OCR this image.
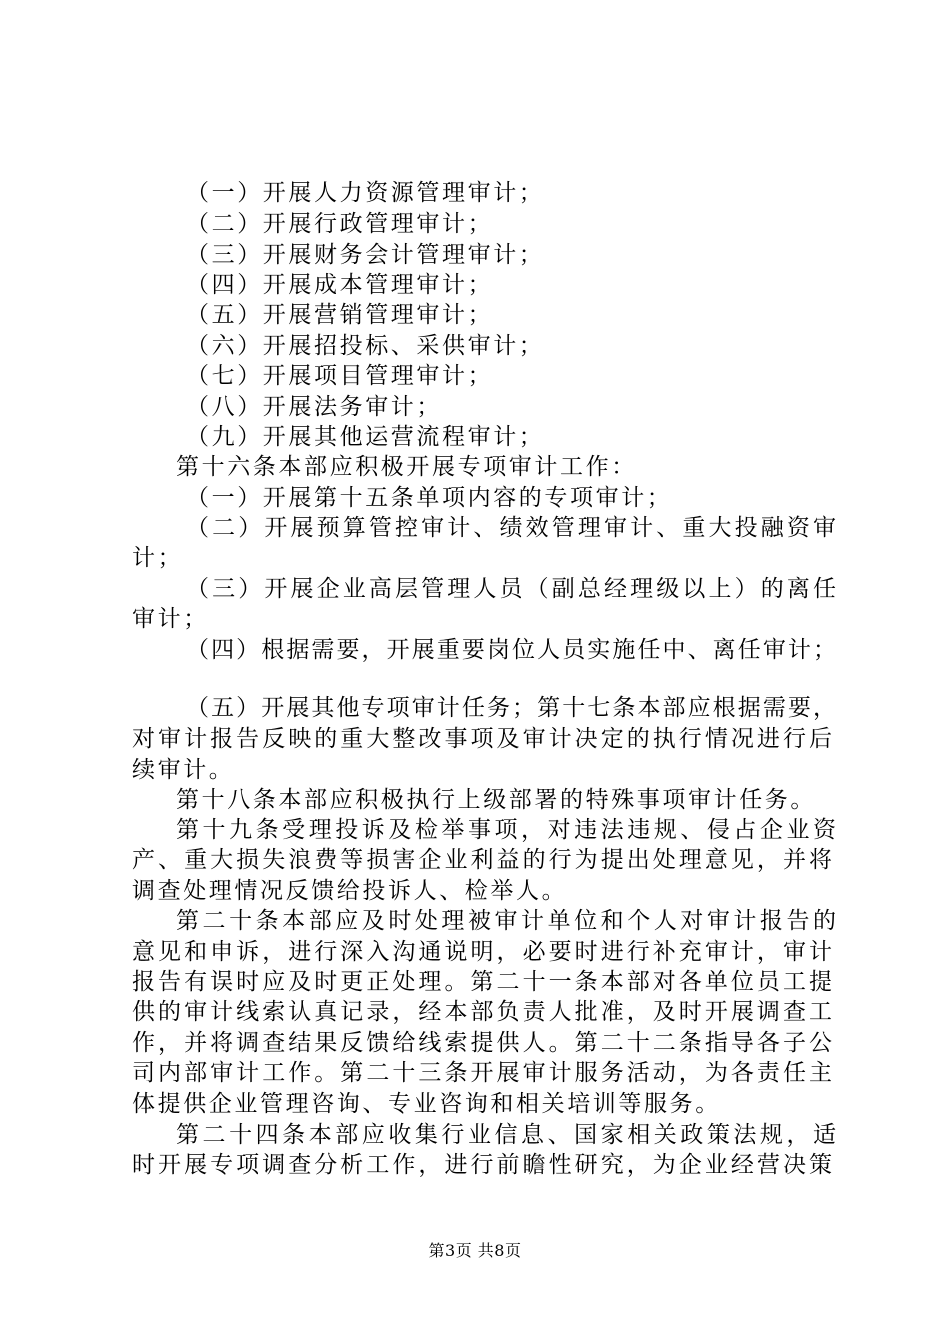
（一）开展人力资源管理审计；
（二）开展行政管理审计；
（三）开展财务会计管理审计；
（四）开展成本管理审计；
（五）开展营销管理审计；
（六）开展招投标、采供审计；
（七）开展项目管理审计；
（八）开展法务审计；
（九）开展其他运营流程审计；
第十六条本部应积极开展专项审计工作：
（一）开展第十五条单项内容的专项审计；
（二）开展预算管控审计、绩效管理审计、重大投融资审
计；
（三）开展企业高层管理人员（副总经理级以上）的离任
审计；
（四）根据需要，开展重要岗位人员实施任中、离任审计；
（五）开展其他专项审计任务；第十七条本部应根据需要，
对审计报告反映的重大整改事项及审计决定的执行情况进行后
续审计。
第十八条本部应积极执行上级部署的特殊事项审计任务。
第十九条受理投诉及检举事项，对违法违规、侵占企业资
产、重大损失浪费等损害企业利益的行为提出处理意见，并将
调查处理情况反馈给投诉人、检举人。
第二十条本部应及时处理被审计单位和个人对审计报告的
意见和申诉，进行深入沟通说明，必要时进行补充审计，审计
报告有误时应及时更正处理。第二十一条本部对各单位员工提
供的审计线索认真记录，经本部负责人批准，及时开展调查工
作，并将调查结果反馈给线索提供人。第二十二条指导各子公
司内部审计工作。第二十三条开展审计服务活动，为各责任主
体提供企业管理咨询、专业咨询和相关培训等服务。
第二十四条本部应收集行业信息、国家相关政策法规，适
时开展专项调查分析工作，进行前瞻性研究，为企业经营决策
第3页 共8页
